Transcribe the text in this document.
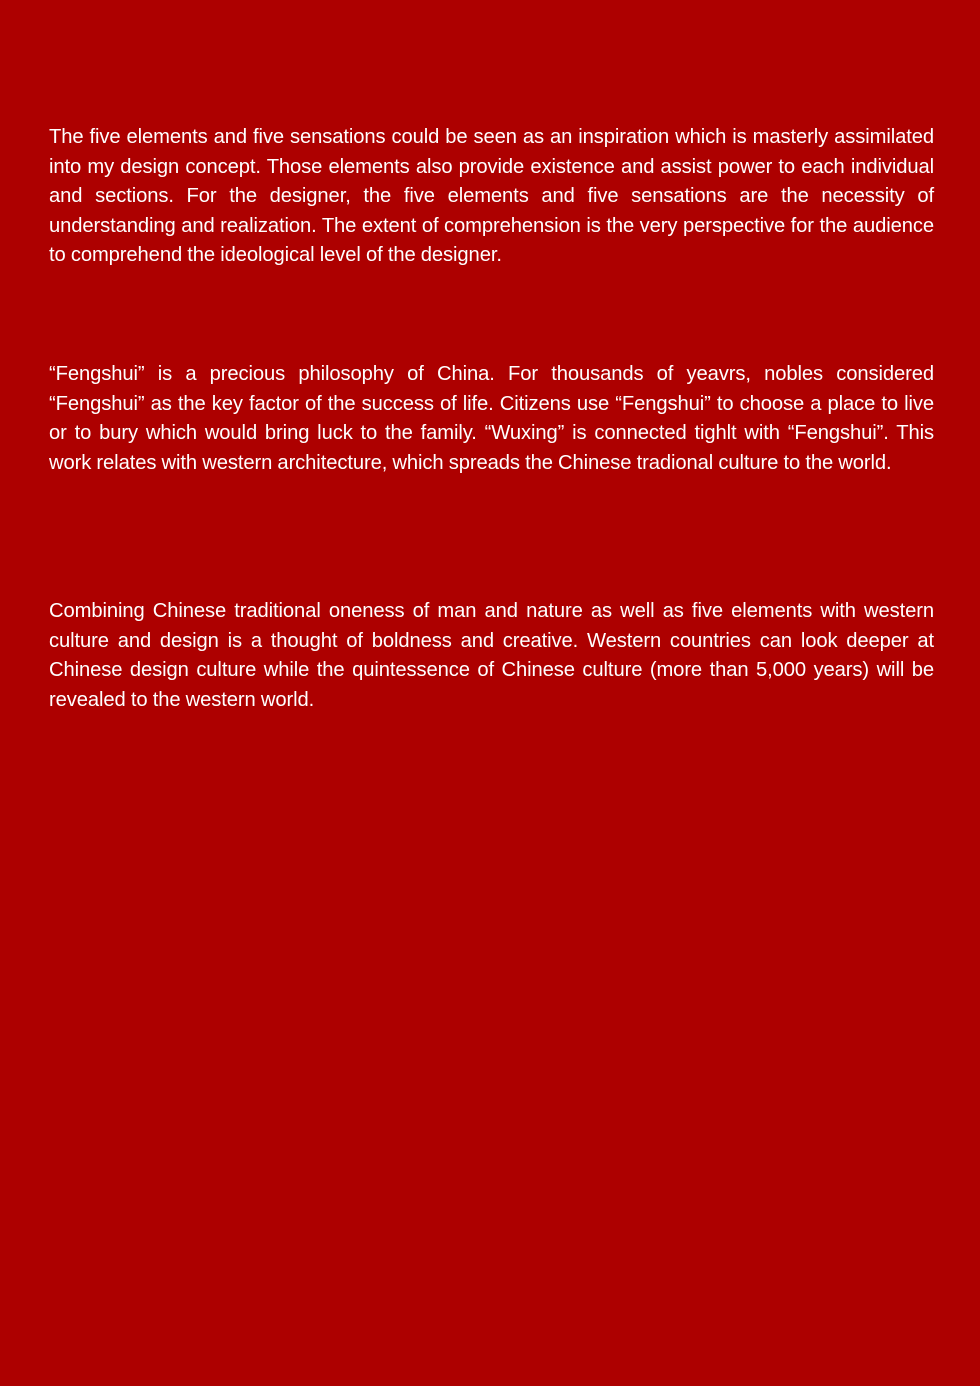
The five elements and five sensations could be seen as an inspiration which is masterly assimilated into my design concept. Those elements also provide existence and assist power to each individual and sections. For the designer, the five elements and five sensations are the necessity of understanding and realization. The extent of comprehension is the very perspective for the audience to comprehend the ideological level of the designer.

“Fengshui” is a precious philosophy of China. For thousands of yeavrs, nobles considered “Fengshui” as the key factor of the success of life. Citizens use “Fengshui” to choose a place to live or to bury which would bring luck to the family. “Wuxing” is connected tighlt with “Fengshui”. This work relates with western architecture, which spreads the Chinese tradional culture to the world.

Combining Chinese traditional oneness of man and nature as well as five elements with western culture and design is a thought of boldness and creative. Western countries can look deeper at Chinese design culture while the quintessence of Chinese culture (more than 5,000 years) will be revealed to the western world.
